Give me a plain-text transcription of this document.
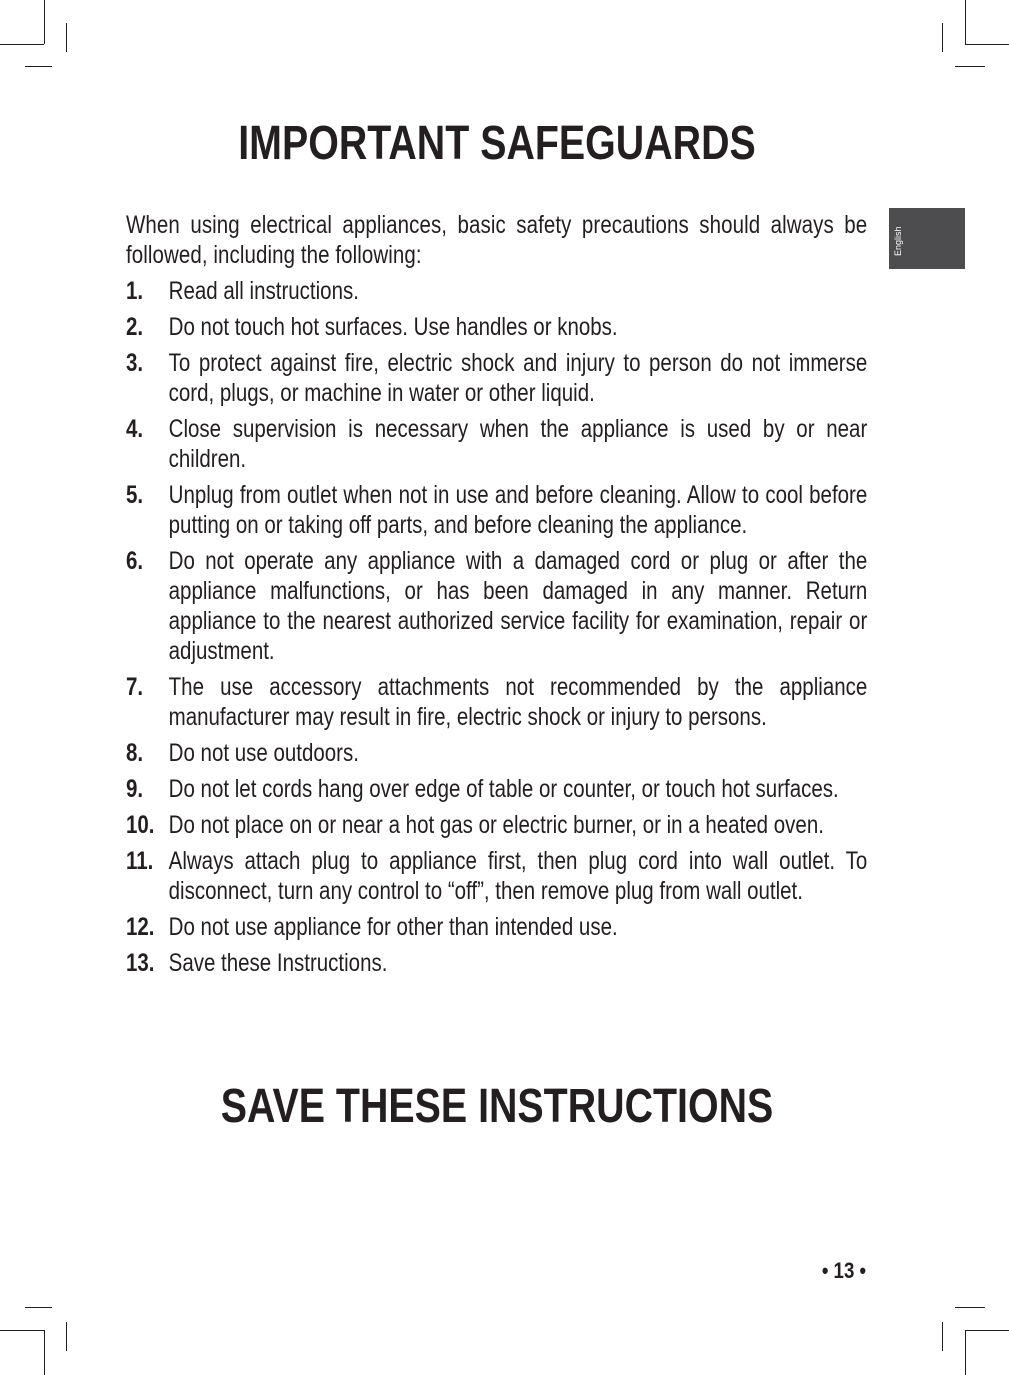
English
IMPORTANT SAFEGUARDS

When using electrical appliances, basic safety precautions should always be followed, including the following:

1.	Read all instructions.
2.	Do not touch hot surfaces. Use handles or knobs.
3.	To protect against fire, electric shock and injury to person do not immerse cord, plugs, or machine in water or other liquid.
4.	Close supervision is necessary when the appliance is used by or near children.
5.	Unplug from outlet when not in use and before cleaning. Allow to cool before putting on or taking off parts, and before cleaning the appliance.
6.	Do not operate any appliance with a damaged cord or plug or after the appliance malfunctions, or has been damaged in any manner. Return appliance to the nearest authorized service facility for examination, repair or adjustment.
7.	The use accessory attachments not recommended by the appliance manufacturer may result in fire, electric shock or injury to persons.
8.	Do not use outdoors.
9.	Do not let cords hang over edge of table or counter, or touch hot surfaces.
10. Do not place on or near a hot gas or electric burner, or in a heated oven.
11. Always attach plug to appliance first, then plug cord into wall outlet. To disconnect, turn any control to “off”, then remove plug from wall outlet.
12. Do not use appliance for other than intended use.
13. Save these Instructions.
SAVE THESE INSTRUCTIONS
• 13 •
